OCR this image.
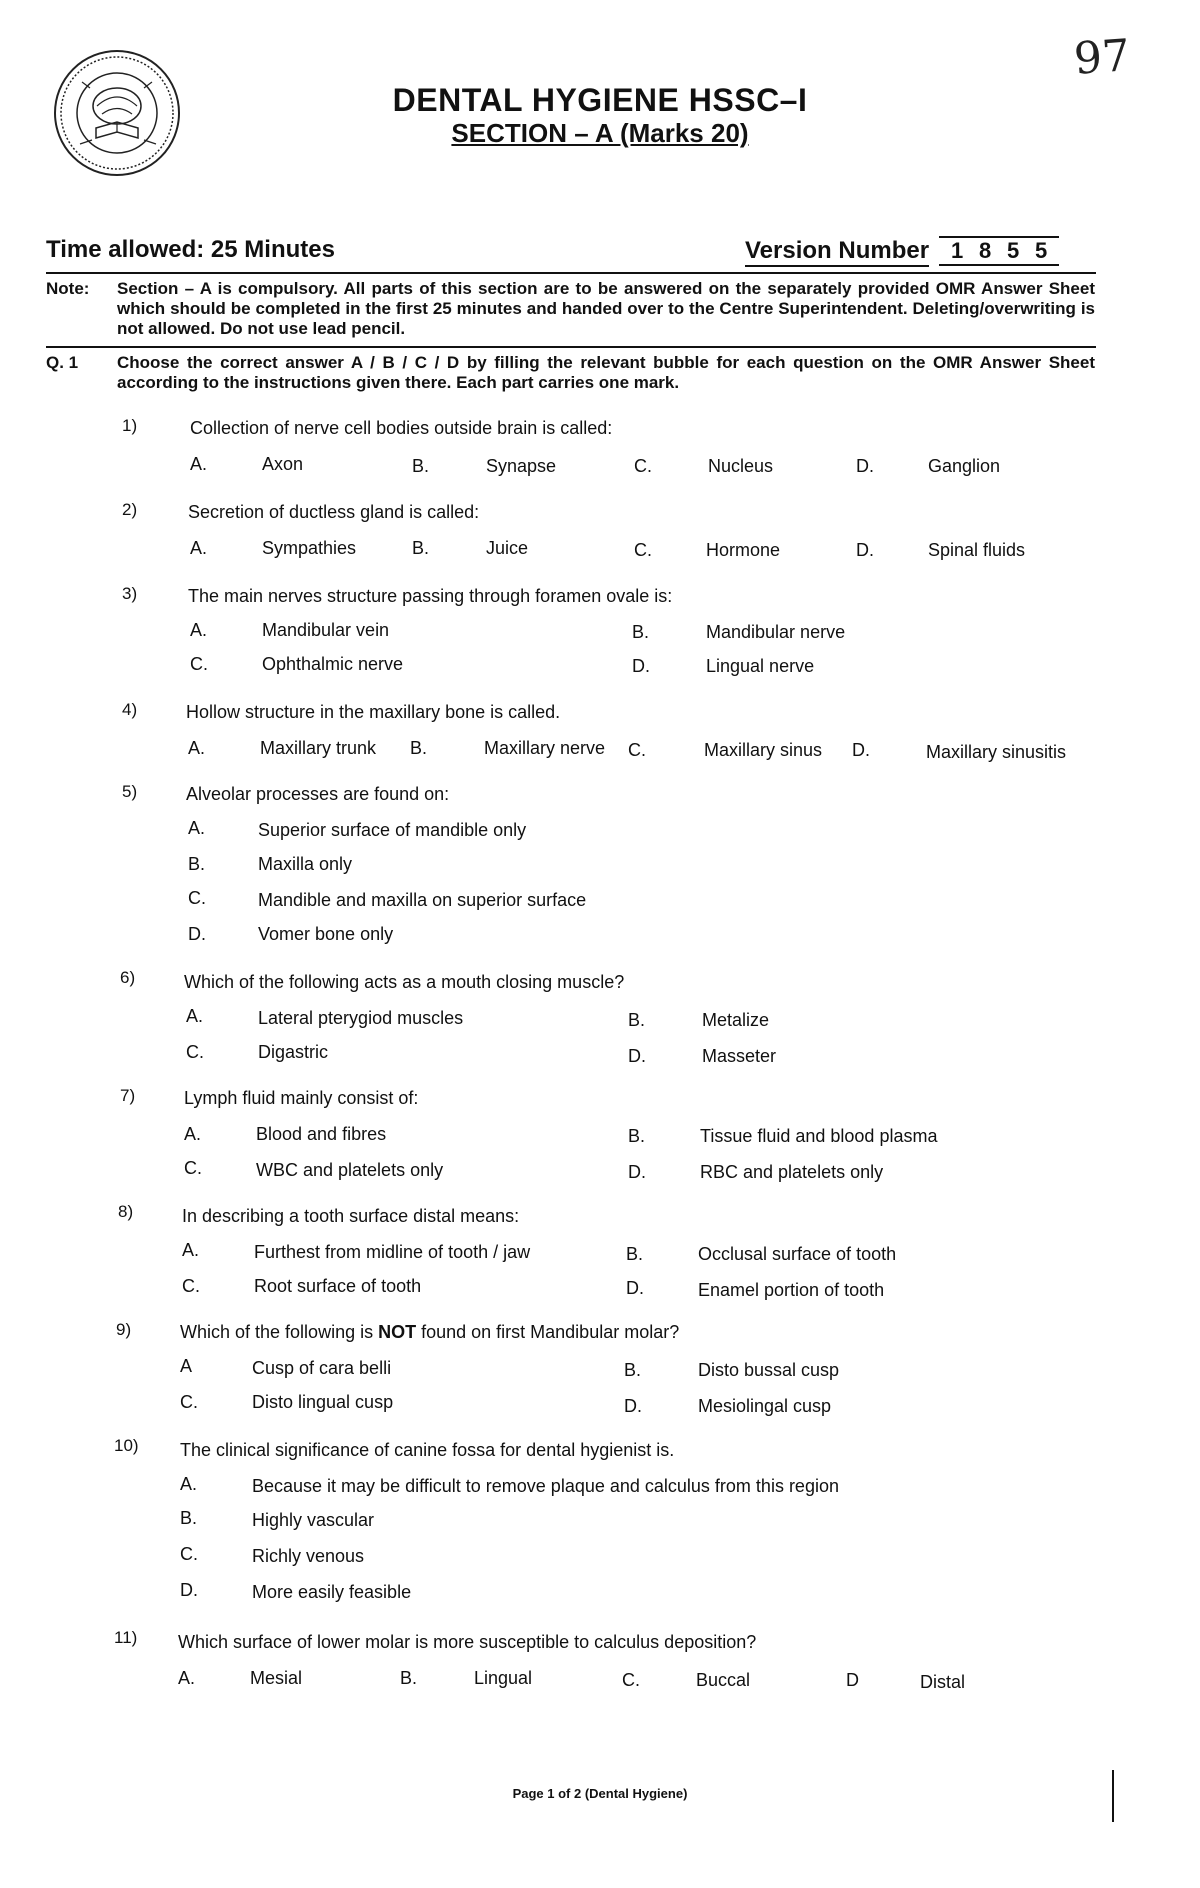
97
DENTAL HYGIENE HSSC–I
SECTION – A (Marks 20)
Time allowed: 25 Minutes	Version Number 1 8 5 5
Note: Section – A is compulsory. All parts of this section are to be answered on the separately provided OMR Answer Sheet which should be completed in the first 25 minutes and handed over to the Centre Superintendent. Deleting/overwriting is not allowed. Do not use lead pencil.
Q. 1 Choose the correct answer A / B / C / D by filling the relevant bubble for each question on the OMR Answer Sheet according to the instructions given there. Each part carries one mark.
1)	Collection of nerve cell bodies outside brain is called:
A.	Axon	B.	Synapse	C.	Nucleus	D.	Ganglion
2)	Secretion of ductless gland is called:
A.	Sympathies	B.	Juice	C.	Hormone	D.	Spinal fluids
3)	The main nerves structure passing through foramen ovale is:
A.	Mandibular vein	B.	Mandibular nerve
C.	Ophthalmic nerve	D.	Lingual nerve
4)	Hollow structure in the maxillary bone is called.
A.	Maxillary trunk B.	Maxillary nerve C.	Maxillary sinus D.	Maxillary sinusitis
5)	Alveolar processes are found on:
A.	Superior surface of mandible only
B.	Maxilla only
C.	Mandible and maxilla on superior surface
D.	Vomer bone only
6)	Which of the following acts as a mouth closing muscle?
A.	Lateral pterygiod muscles	B.	Metalize
C.	Digastric	D.	Masseter
7)	Lymph fluid mainly consist of:
A.	Blood and fibres	B.	Tissue fluid and blood plasma
C.	WBC and platelets only	D.	RBC and platelets only
8)	In describing a tooth surface distal means:
A.	Furthest from midline of tooth / jaw	B.	Occlusal surface of tooth
C.	Root surface of tooth	D.	Enamel portion of tooth
9)	Which of the following is NOT found on first Mandibular molar?
A	Cusp of cara belli	B.	Disto bussal cusp
C.	Disto lingual cusp	D.	Mesiolingal cusp
10) The clinical significance of canine fossa for dental hygienist is.
A.	Because it may be difficult to remove plaque and calculus from this region
B.	Highly vascular
C.	Richly venous
D.	More easily feasible
11) Which surface of lower molar is more susceptible to calculus deposition?
A.	Mesial	B.	Lingual	C.	Buccal	D	Distal
Page 1 of 2 (Dental Hygiene)
